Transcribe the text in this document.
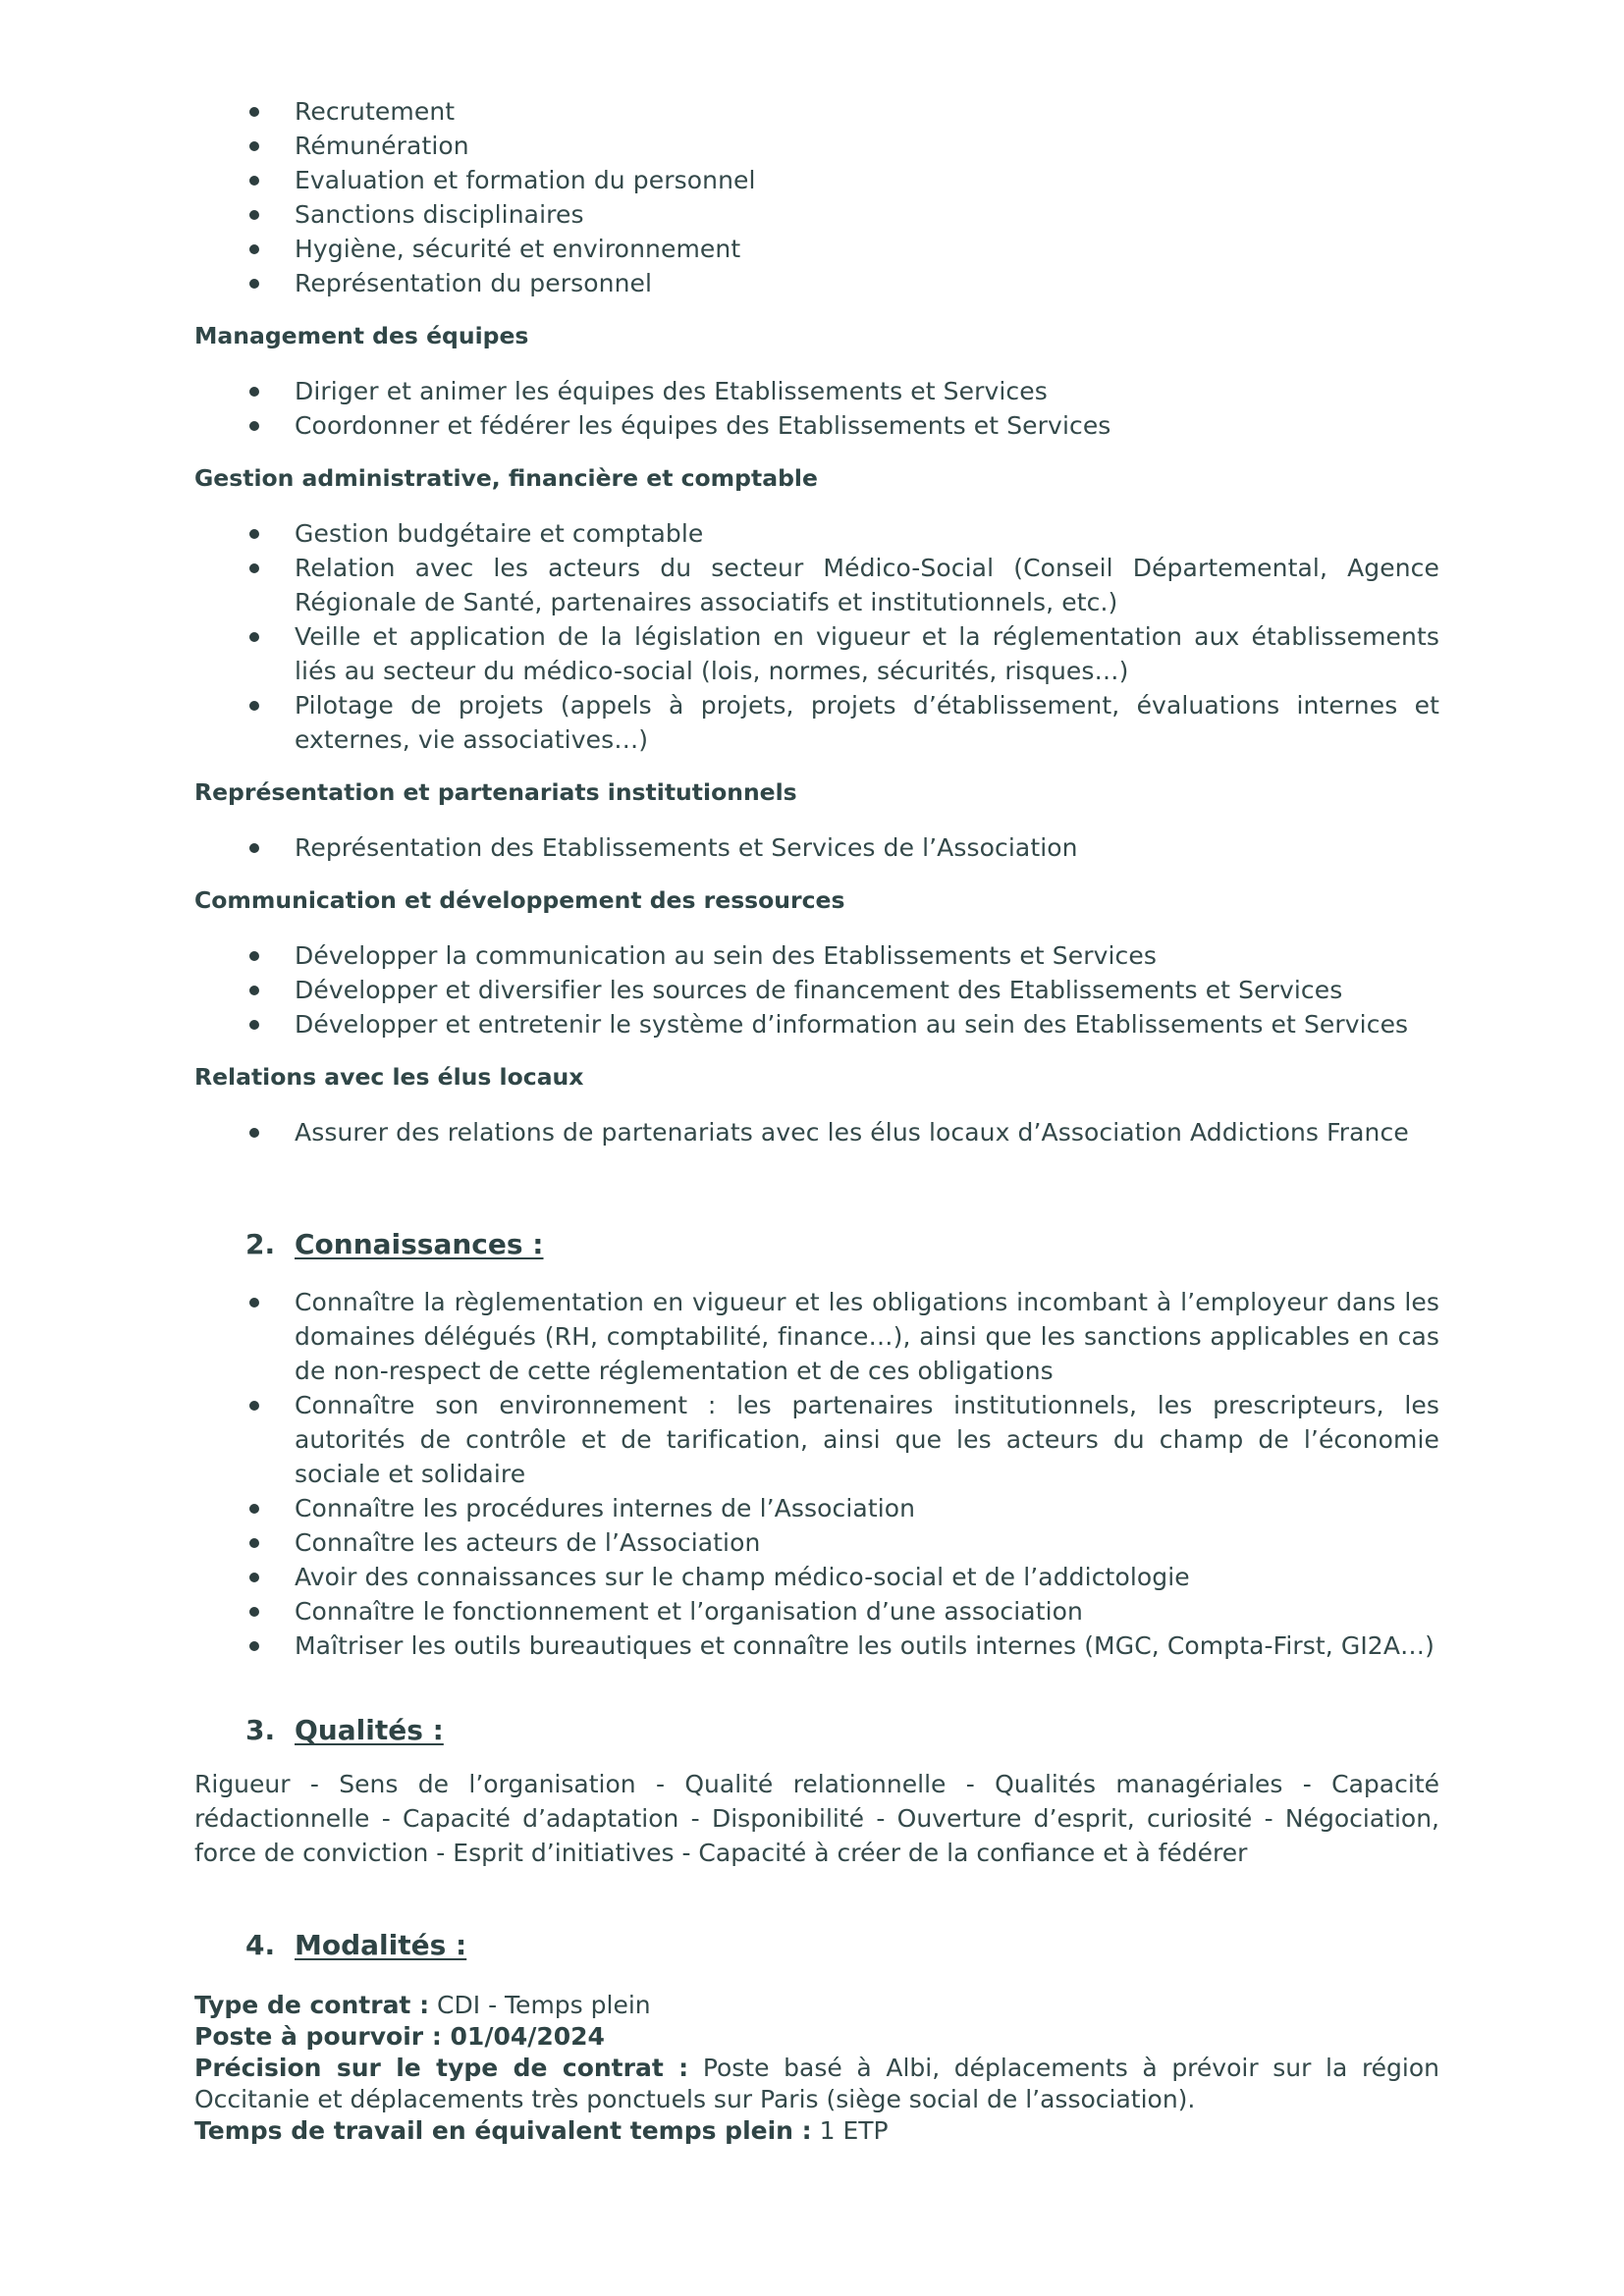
Recrutement
Rémunération
Evaluation et formation du personnel
Sanctions disciplinaires
Hygiène, sécurité et environnement
Représentation du personnel

Management des équipes

Diriger et animer les équipes des Etablissements et Services
Coordonner et fédérer les équipes des Etablissements et Services

Gestion administrative, financière et comptable

Gestion budgétaire et comptable
Relation avec les acteurs du secteur Médico-Social (Conseil Départemental, Agence Régionale de Santé, partenaires associatifs et institutionnels, etc.)
Veille et application de la législation en vigueur et la réglementation aux établissements liés au secteur du médico-social (lois, normes, sécurités, risques…)
Pilotage de projets (appels à projets, projets d’établissement, évaluations internes et externes, vie associatives…)

Représentation et partenariats institutionnels

Représentation des Etablissements et Services de l’Association

Communication et développement des ressources

Développer la communication au sein des Etablissements et Services
Développer et diversifier les sources de financement des Etablissements et Services
Développer et entretenir le système d’information au sein des Etablissements et Services

Relations avec les élus locaux

Assurer des relations de partenariats avec les élus locaux d’Association Addictions France
2. Connaissances :
Connaître la règlementation en vigueur et les obligations incombant à l’employeur dans les domaines délégués (RH, comptabilité, finance…), ainsi que les sanctions applicables en cas de non-respect de cette réglementation et de ces obligations
Connaître son environnement : les partenaires institutionnels, les prescripteurs, les autorités de contrôle et de tarification, ainsi que les acteurs du champ de l’économie sociale et solidaire
Connaître les procédures internes de l’Association
Connaître les acteurs de l’Association
Avoir des connaissances sur le champ médico-social et de l’addictologie
Connaître le fonctionnement et l’organisation d’une association
Maîtriser les outils bureautiques et connaître les outils internes (MGC, Compta-First, GI2A…)
3. Qualités :

Rigueur - Sens de l’organisation - Qualité relationnelle - Qualités managériales - Capacité rédactionnelle - Capacité d’adaptation - Disponibilité - Ouverture d’esprit, curiosité - Négociation, force de conviction - Esprit d’initiatives - Capacité à créer de la confiance et à fédérer

4. Modalités :

Type de contrat : CDI - Temps plein

Poste à pourvoir : 01/04/2024

Précision sur le type de contrat : Poste basé à Albi, déplacements à prévoir sur la région Occitanie et déplacements très ponctuels sur Paris (siège social de l’association).

Temps de travail en équivalent temps plein : 1 ETP
